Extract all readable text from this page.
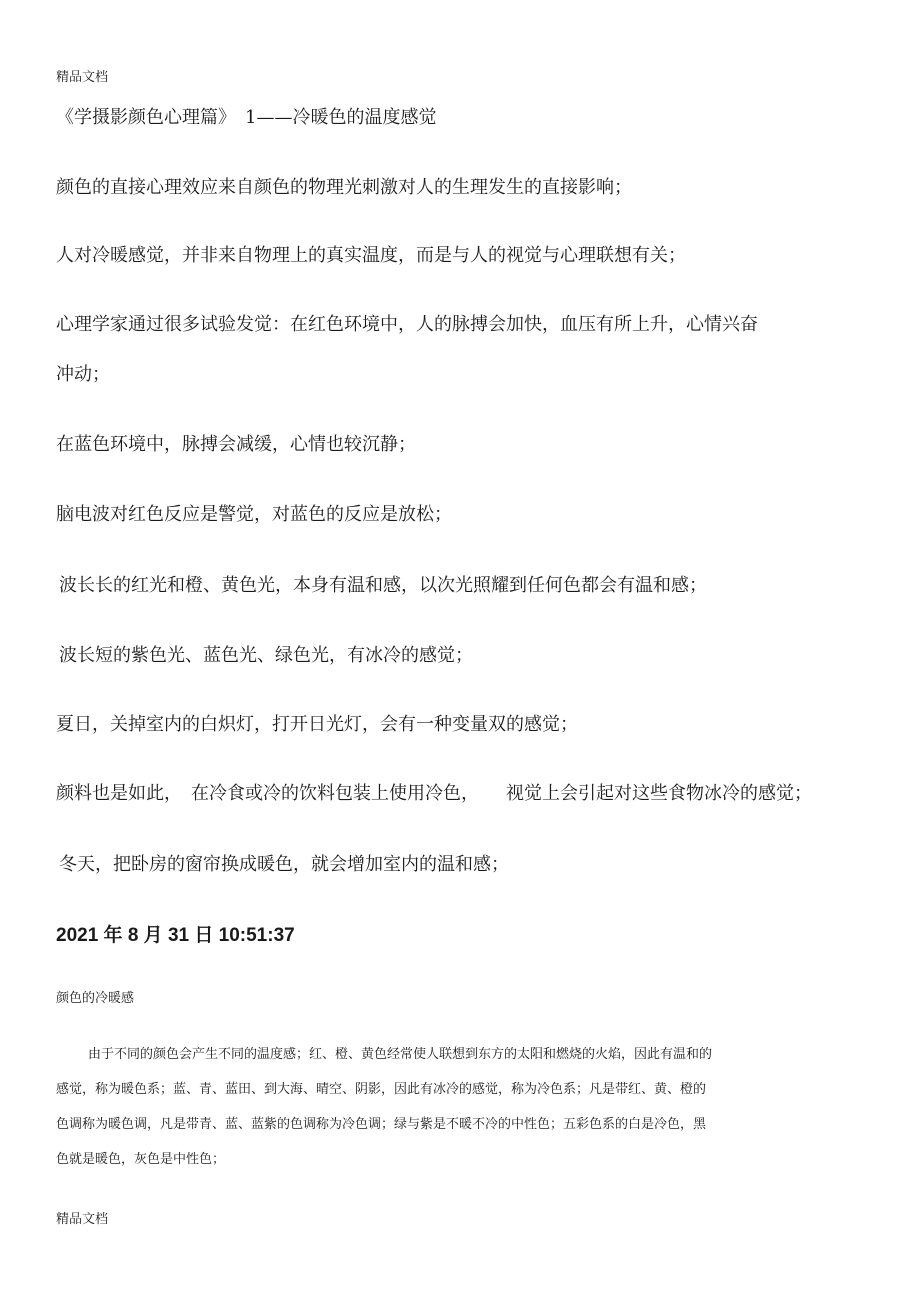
精品文档

《学摄影颜色心理篇》　1——冷暖色的温度感觉

颜色的直接心理效应来自颜色的物理光刺激对人的生理发生的直接影响；

人对冷暖感觉，并非来自物理上的真实温度，而是与人的视觉与心理联想有关；

心理学家通过很多试验发觉：在红色环境中，人的脉搏会加快，血压有所上升，心情兴奋

冲动；

在蓝色环境中，脉搏会减缓，心情也较沉静；

脑电波对红色反应是警觉，对蓝色的反应是放松；

波长长的红光和橙、黄色光，本身有温和感，以次光照耀到任何色都会有温和感；

波长短的紫色光、蓝色光、绿色光，有冰冷的感觉；

夏日，关掉室内的白炽灯，打开日光灯，会有一种变量双的感觉；

颜料也是如此，　在冷食或冷的饮料包装上使用冷色，　　视觉上会引起对这些食物冰冷的感觉；

冬天，把卧房的窗帘换成暖色，就会增加室内的温和感；

2021 年 8 月 31 日 10:51:37

颜色的冷暖感

由于不同的颜色会产生不同的温度感；红、橙、黄色经常使人联想到东方的太阳和燃烧的火焰，因此有温和的

感觉，称为暖色系；蓝、青、蓝田、到大海、晴空、阴影，因此有冰冷的感觉，称为冷色系；凡是带红、黄、橙的

色调称为暖色调，凡是带青、蓝、蓝紫的色调称为冷色调；绿与紫是不暖不冷的中性色；五彩色系的白是冷色，黑

色就是暖色，灰色是中性色；

精品文档
